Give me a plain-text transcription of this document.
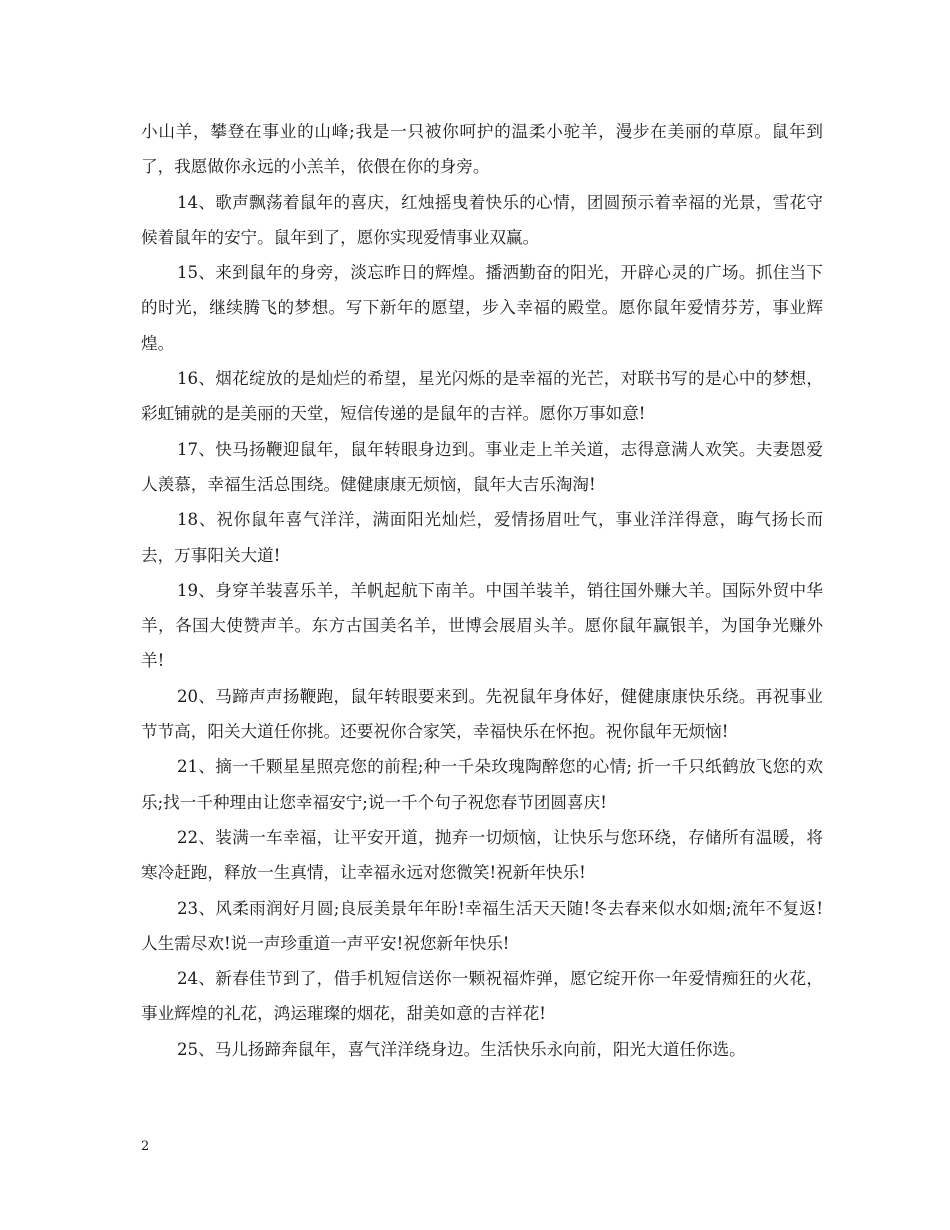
小山羊，攀登在事业的山峰;我是一只被你呵护的温柔小驼羊，漫步在美丽的草原。鼠年到了，我愿做你永远的小羔羊，依偎在你的身旁。

14、歌声飘荡着鼠年的喜庆，红烛摇曳着快乐的心情，团圆预示着幸福的光景，雪花守候着鼠年的安宁。鼠年到了，愿你实现爱情事业双赢。

15、来到鼠年的身旁，淡忘昨日的辉煌。播洒勤奋的阳光，开辟心灵的广场。抓住当下的时光，继续腾飞的梦想。写下新年的愿望，步入幸福的殿堂。愿你鼠年爱情芬芳，事业辉煌。

16、烟花绽放的是灿烂的希望，星光闪烁的是幸福的光芒，对联书写的是心中的梦想，彩虹铺就的是美丽的天堂，短信传递的是鼠年的吉祥。愿你万事如意!

17、快马扬鞭迎鼠年，鼠年转眼身边到。事业走上羊关道，志得意满人欢笑。夫妻恩爱人羡慕，幸福生活总围绕。健健康康无烦恼，鼠年大吉乐淘淘!

18、祝你鼠年喜气洋洋，满面阳光灿烂，爱情扬眉吐气，事业洋洋得意，晦气扬长而去，万事阳关大道!

19、身穿羊装喜乐羊，羊帆起航下南羊。中国羊装羊，销往国外赚大羊。国际外贸中华羊，各国大使赞声羊。东方古国美名羊，世博会展眉头羊。愿你鼠年赢银羊，为国争光赚外羊!

20、马蹄声声扬鞭跑，鼠年转眼要来到。先祝鼠年身体好，健健康康快乐绕。再祝事业节节高，阳关大道任你挑。还要祝你合家笑，幸福快乐在怀抱。祝你鼠年无烦恼!

21、摘一千颗星星照亮您的前程;种一千朵玫瑰陶醉您的心情; 折一千只纸鹤放飞您的欢乐;找一千种理由让您幸福安宁;说一千个句子祝您春节团圆喜庆!

22、装满一车幸福，让平安开道，抛弃一切烦恼，让快乐与您环绕，存储所有温暖，将寒冷赶跑，释放一生真情，让幸福永远对您微笑!祝新年快乐!

23、风柔雨润好月圆;良辰美景年年盼!幸福生活天天随!冬去春来似水如烟;流年不复返!人生需尽欢!说一声珍重道一声平安!祝您新年快乐!

24、新春佳节到了，借手机短信送你一颗祝福炸弹，愿它绽开你一年爱情痴狂的火花，事业辉煌的礼花，鸿运璀璨的烟花，甜美如意的吉祥花!

25、马儿扬蹄奔鼠年，喜气洋洋绕身边。生活快乐永向前，阳光大道任你选。

2
